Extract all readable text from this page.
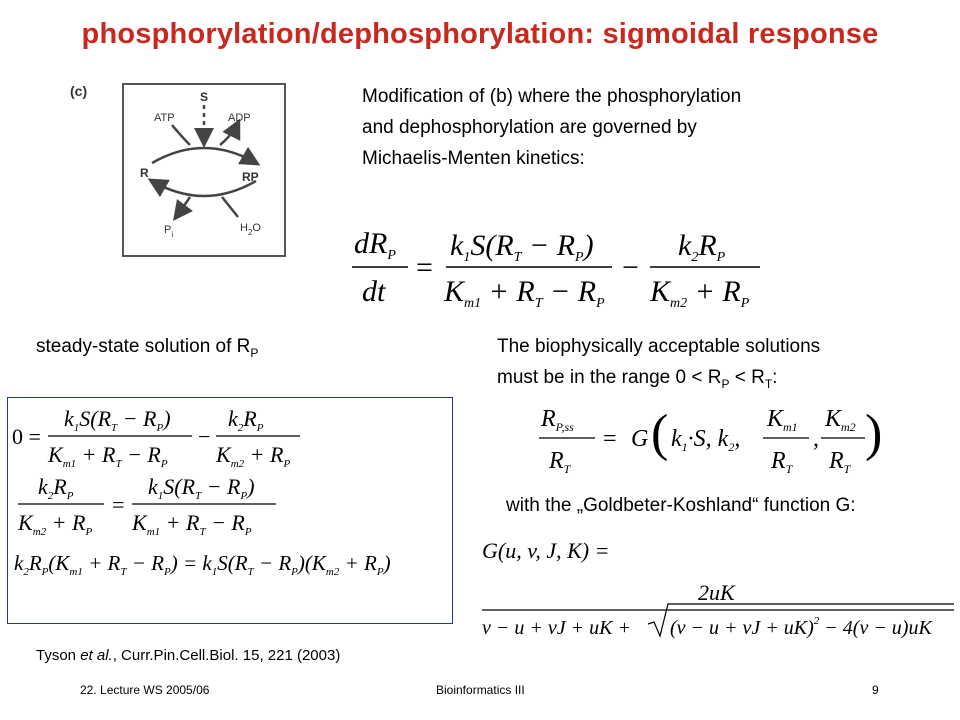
phosphorylation/dephosphorylation: sigmoidal response
(c)	S
ATP	ADP
R	RP
$P_i$
$H_2O$
Modification of (b) where the phosphorylation
and dephosphorylation are governed by
Michaelis-Menten kinetics:
$dR_P$
dt
=
$k_1S(R_T - R_P)$
$K_{m1} + R_T - R_P$
−
$k_2R_P$
$K_{m2} + R_P$
steady-state solution of $R_P$	The biophysically acceptable solutions
must be in the range $0 < R_P < R_T$:
0 =
$k_1S(R_T - R_P)$
$K_{m1} + R_T - R_P$
−
$k_2R_P$
$K_{m2} + R_P$
$k_2R_P$
$K_{m2} + R_P$
=
$k_1S(R_T - R_P)$
$K_{m1} + R_T - R_P$
$k_2R_P(K_{m1} + R_T - R_P) = k_1S(R_T - R_P)(K_{m2} + R_P)$
$R_{P,ss}$
$R_T$
= G ( $k_1\cdot S$, $k_2$,
$K_{m1}$
$R_T$
,
$K_{m2}$
$R_T$
)
with the „Goldbeter-Koshland“ function G:
G(u, v, J, K) =
2uK
v − u + vJ + uK + (v − u + vJ + uK)$^2$ − 4(v − u)uK
Tyson et al., Curr.Pin.Cell.Biol. 15, 221 (2003)
22. Lecture WS 2005/06	Bioinformatics III	9
